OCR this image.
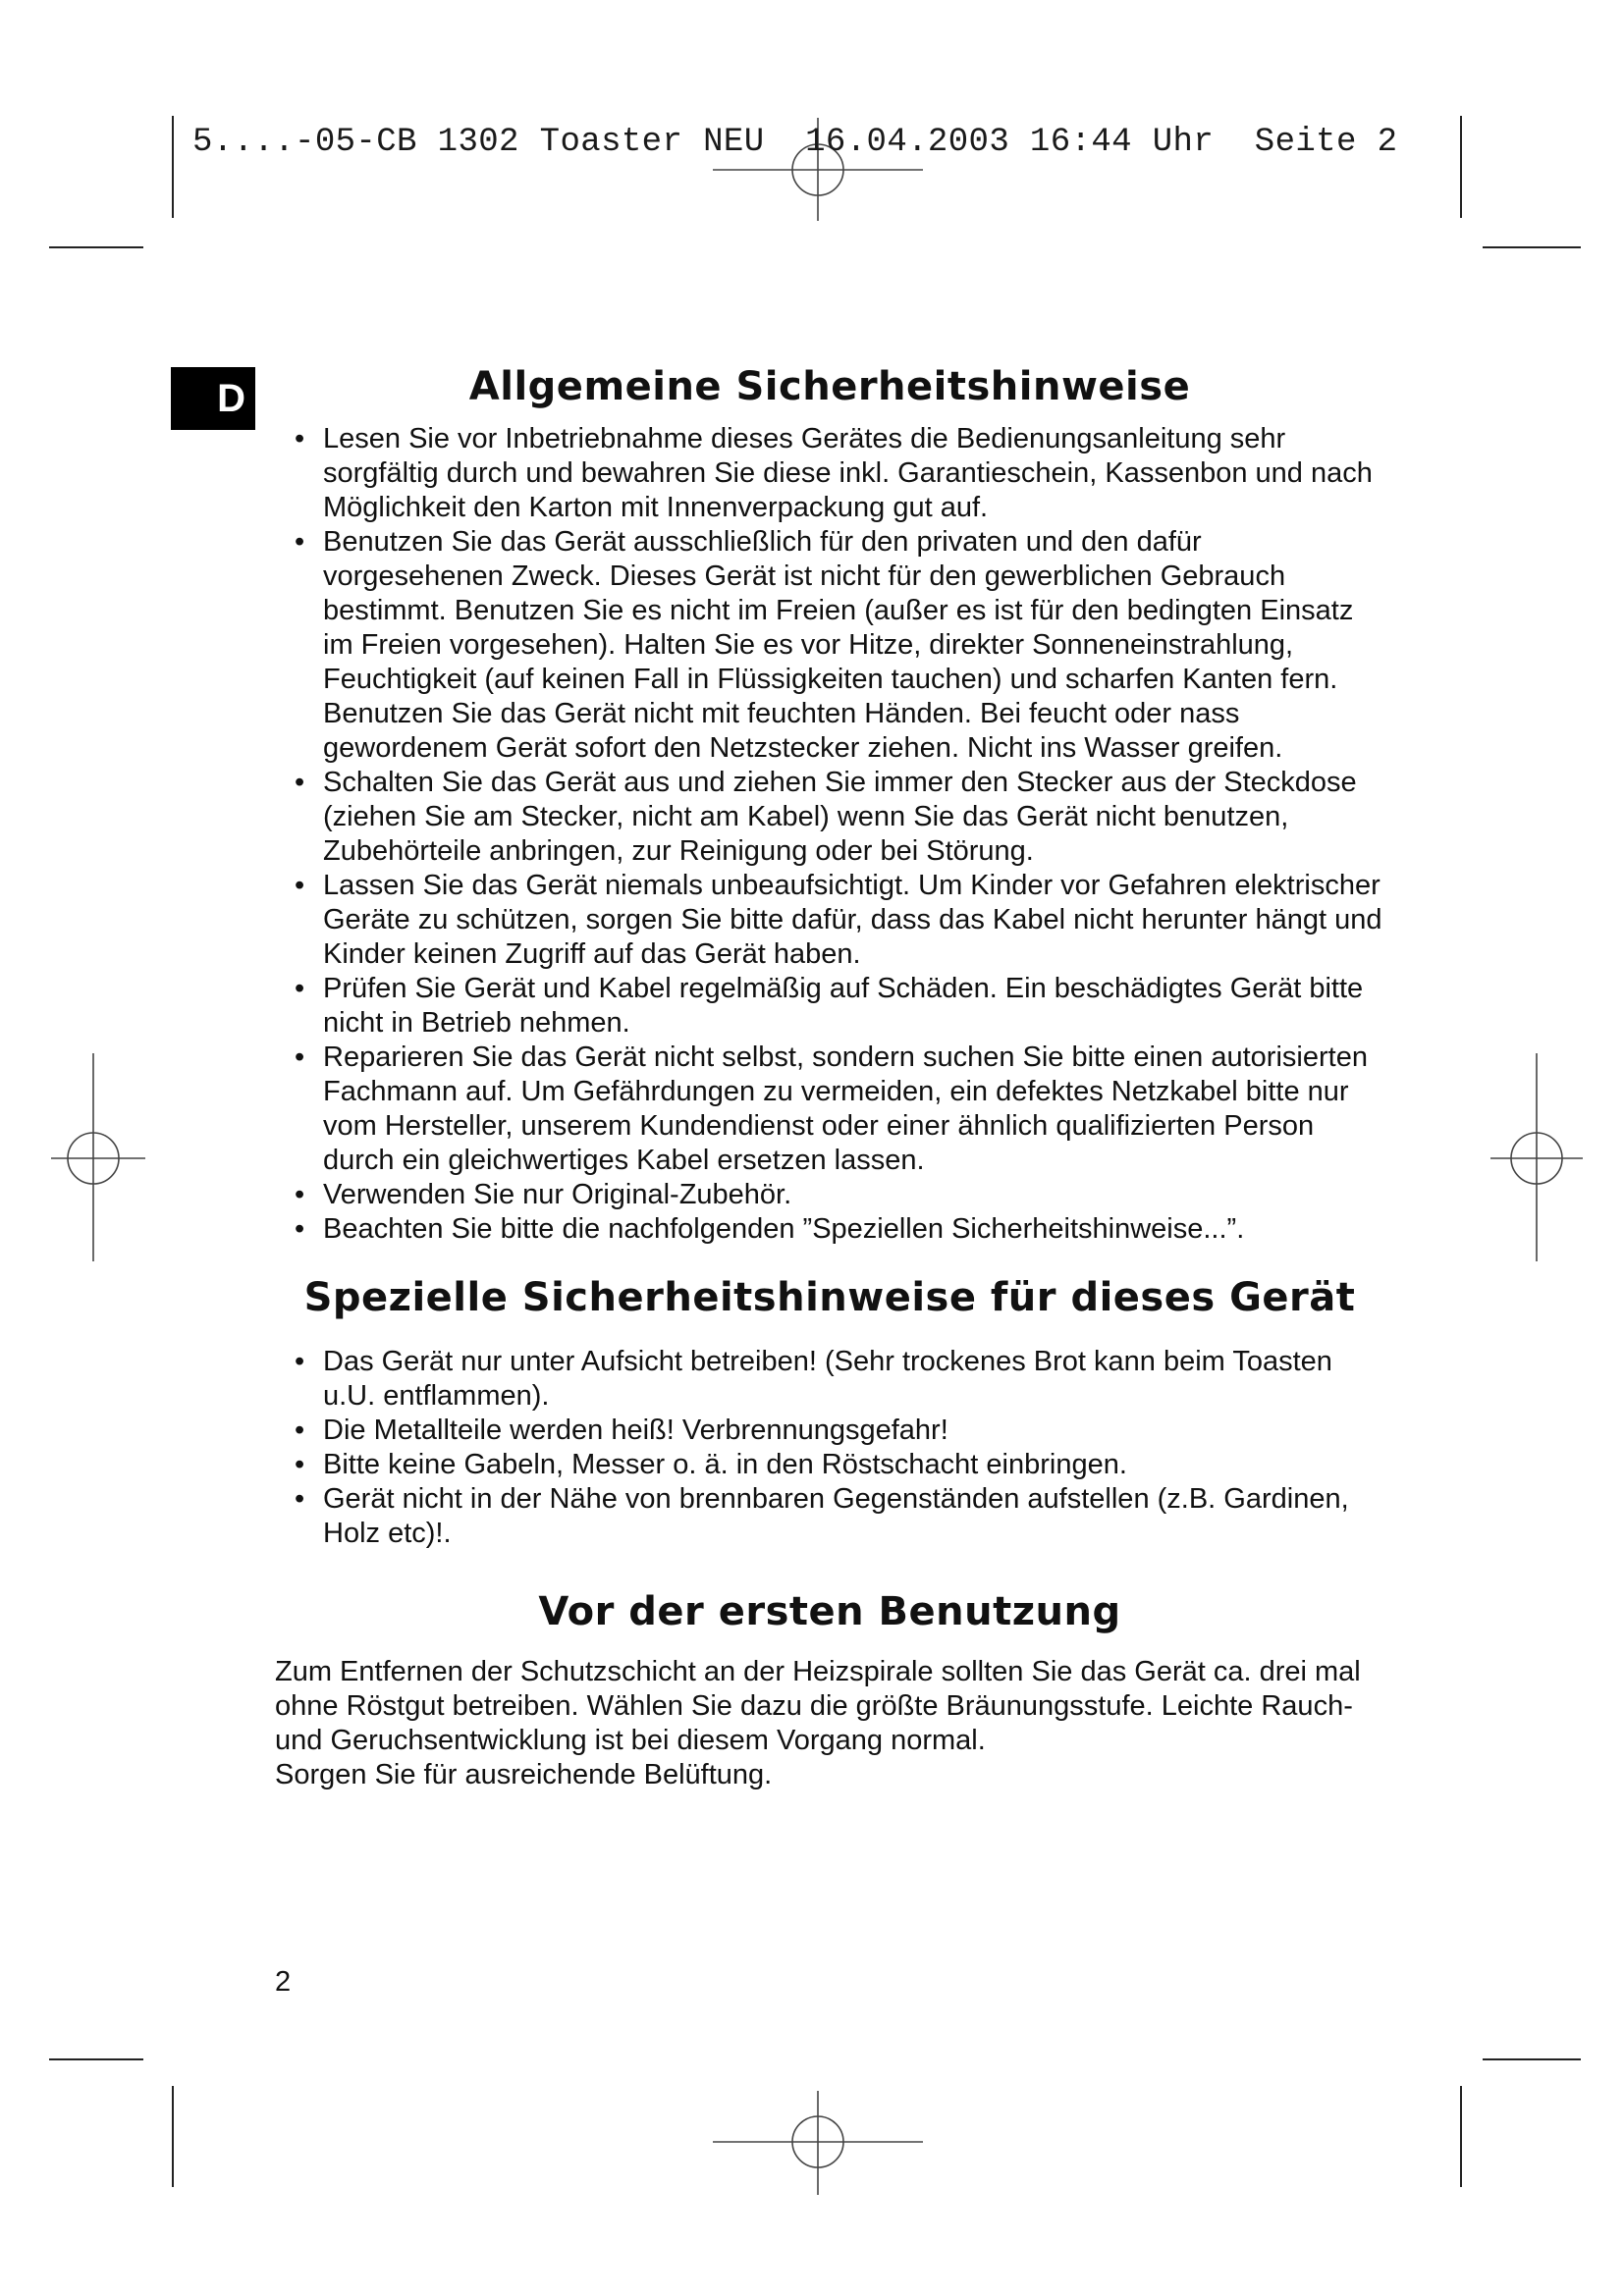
5....-05-CB 1302 Toaster NEU  16.04.2003 16:44 Uhr  Seite 2

D	Allgemeine Sicherheitshinweise
• Lesen Sie vor Inbetriebnahme dieses Gerätes die Bedienungsanleitung sehr sorgfältig durch und bewahren Sie diese inkl. Garantieschein, Kassenbon und nach Möglichkeit den Karton mit Innenverpackung gut auf.
• Benutzen Sie das Gerät ausschließlich für den privaten und den dafür vorgesehenen Zweck. Dieses Gerät ist nicht für den gewerblichen Gebrauch bestimmt. Benutzen Sie es nicht im Freien (außer es ist für den bedingten Einsatz im Freien vorgesehen). Halten Sie es vor Hitze, direkter Sonneneinstrahlung, Feuchtigkeit (auf keinen Fall in Flüssigkeiten tauchen) und scharfen Kanten fern. Benutzen Sie das Gerät nicht mit feuchten Händen. Bei feucht oder nass gewordenem Gerät sofort den Netzstecker ziehen. Nicht ins Wasser greifen.
• Schalten Sie das Gerät aus und ziehen Sie immer den Stecker aus der Steckdose (ziehen Sie am Stecker, nicht am Kabel) wenn Sie das Gerät nicht benutzen, Zubehörteile anbringen, zur Reinigung oder bei Störung.
• Lassen Sie das Gerät niemals unbeaufsichtigt. Um Kinder vor Gefahren elektrischer Geräte zu schützen, sorgen Sie bitte dafür, dass das Kabel nicht herunter hängt und Kinder keinen Zugriff auf das Gerät haben.
• Prüfen Sie Gerät und Kabel regelmäßig auf Schäden. Ein beschädigtes Gerät bitte nicht in Betrieb nehmen.
• Reparieren Sie das Gerät nicht selbst, sondern suchen Sie bitte einen autorisierten Fachmann auf. Um Gefährdungen zu vermeiden, ein defektes Netzkabel bitte nur vom Hersteller, unserem Kundendienst oder einer ähnlich qualifizierten Person durch ein gleichwertiges Kabel ersetzen lassen.
• Verwenden Sie nur Original-Zubehör.
• Beachten Sie bitte die nachfolgenden ”Speziellen Sicherheitshinweise...”.
Spezielle Sicherheitshinweise für dieses Gerät
• Das Gerät nur unter Aufsicht betreiben! (Sehr trockenes Brot kann beim Toasten u.U. entflammen).
• Die Metallteile werden heiß! Verbrennungsgefahr!
• Bitte keine Gabeln, Messer o. ä. in den Röstschacht einbringen.
• Gerät nicht in der Nähe von brennbaren Gegenständen aufstellen (z.B. Gardinen, Holz etc)!.
Vor der ersten Benutzung

Zum Entfernen der Schutzschicht an der Heizspirale sollten Sie das Gerät ca. drei mal ohne Röstgut betreiben. Wählen Sie dazu die größte Bräunungsstufe. Leichte Rauch- und Geruchsentwicklung ist bei diesem Vorgang normal.

Sorgen Sie für ausreichende Belüftung.

2
